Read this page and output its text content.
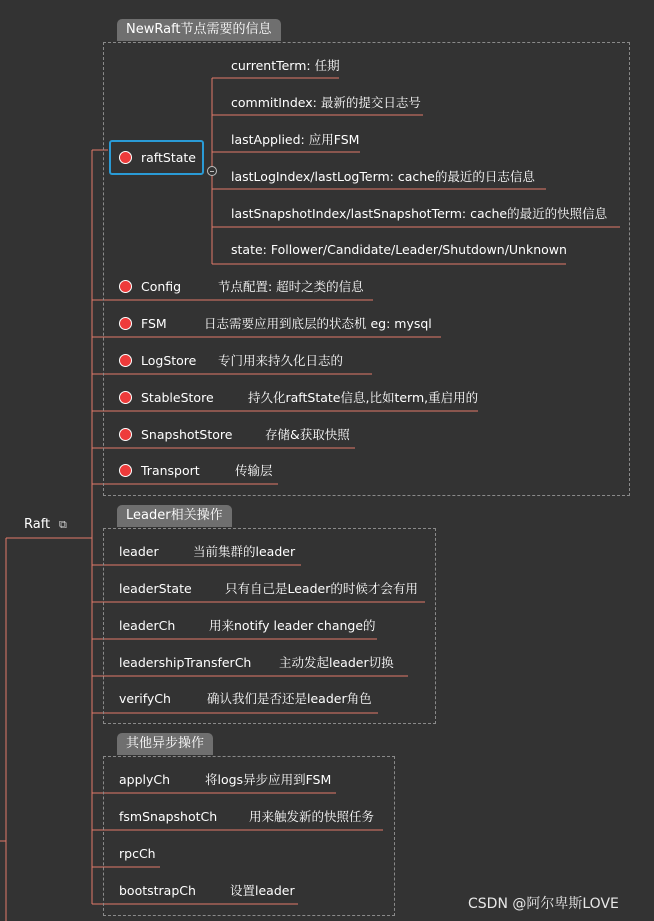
Raft ⧉
NewRaft节点需要的信息
raftState
currentTerm: 任期
commitIndex: 最新的提交日志号
lastApplied: 应用FSM
lastLogIndex/lastLogTerm: cache的最近的日志信息
lastSnapshotIndex/lastSnapshotTerm: cache的最近的快照信息
state: Follower/Candidate/Leader/Shutdown/Unknown
Config	节点配置: 超时之类的信息
FSM	日志需要应用到底层的状态机 eg: mysql
LogStore 专门用来持久化日志的
StableStore	持久化raftState信息,比如term,重启用的
SnapshotStore	存储&获取快照
Transport	传输层
Leader相关操作
leader	当前集群的leader
leaderState	只有自己是Leader的时候才会有用
leaderCh	用来notify leader change的
leadershipTransferCh 主动发起leader切换
verifyCh	确认我们是否还是leader角色
其他异步操作
applyCh	将logs异步应用到FSM
fsmSnapshotCh	用来触发新的快照任务
rpcCh
bootstrapCh	设置leader
CSDN @阿尔卑斯LOVE
